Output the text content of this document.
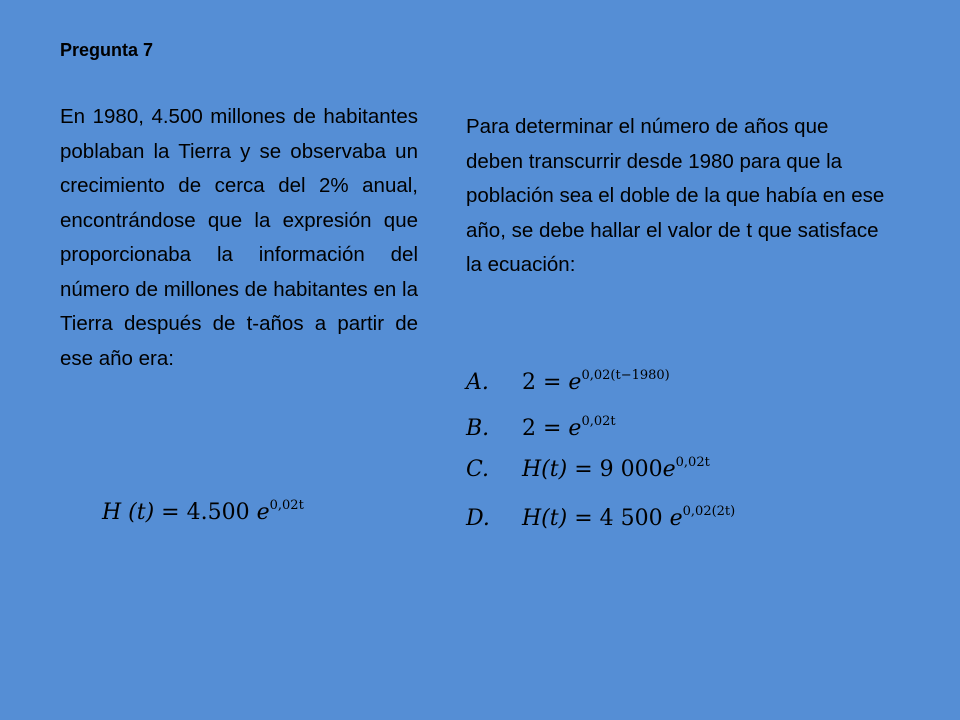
Pregunta 7
En 1980, 4.500 millones de habitantes poblaban la Tierra y se observaba un crecimiento de cerca del 2% anual, encontrándose que la expresión que proporcionaba la información del número de millones de habitantes en la Tierra después de t-años a partir de ese año era:
H (t) = 4.500 $e^{0,02t}$
Para determinar el número de años que deben transcurrir desde 1980 para que la población sea el doble de la que había en ese año, se debe hallar el valor de t que satisface la ecuación:
A. $2 = e^{0,02(t-1980)}$
B. $2 = e^{0,02t}$
C. H(t) = 9 $000e^{0,02t}$
D. H(t) = 4 500 $e^{0,02(2t)}$
